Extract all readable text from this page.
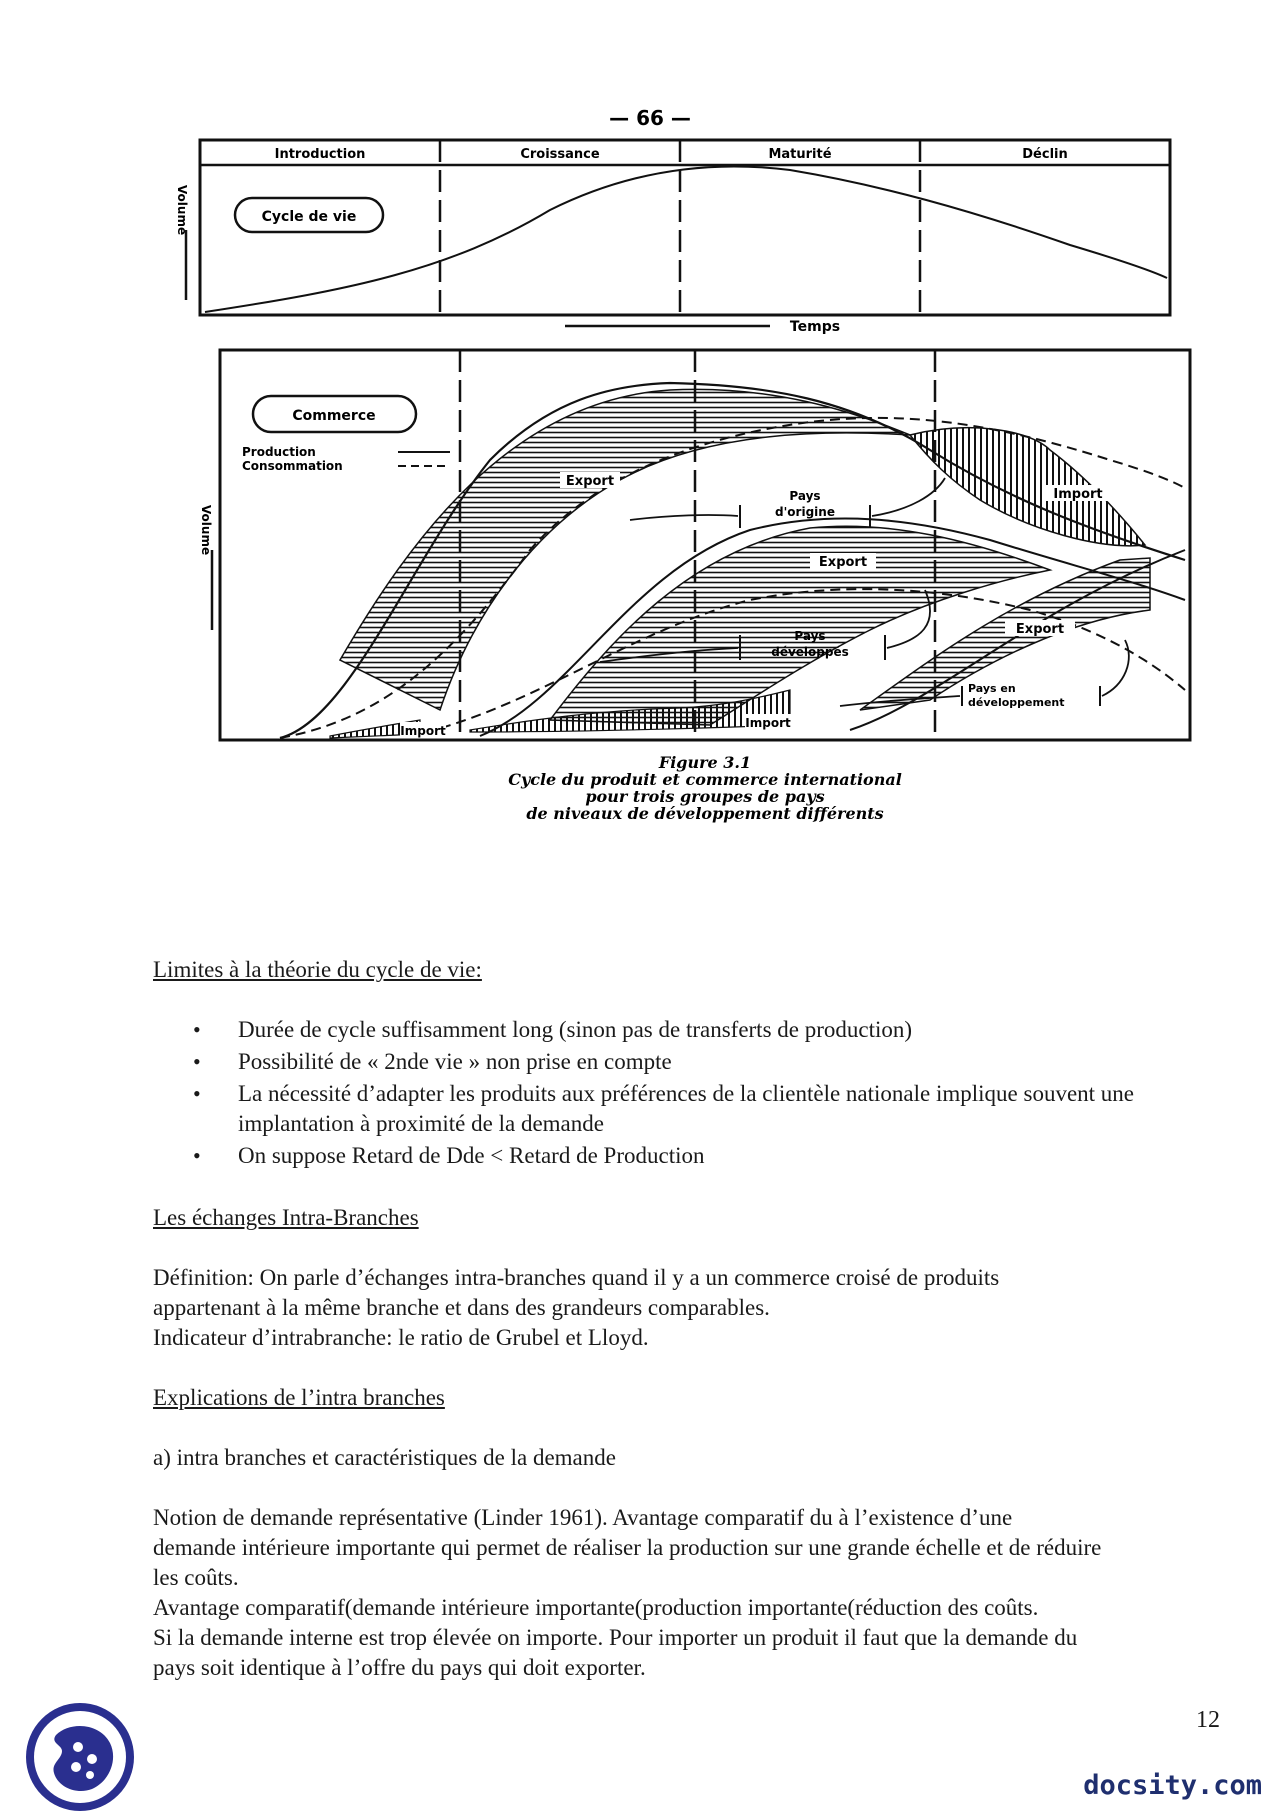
— 66 —
Introduction	Croissance	Maturité	Déclin
Cycle de vie
Volume
Temps
Commerce
Production
Consommation
Volume
Export
Import
Export
Export
Import
Import
Pays
d'origine
Pays
développés
Pays en
développement
Figure 3.1
Cycle du produit et commerce international
pour trois groupes de pays
de niveaux de développement différents
Limites à la théorie du cycle de vie:
• Durée de cycle suffisamment long (sinon pas de transferts de production)
• Possibilité de « 2nde vie » non prise en compte
• La nécessité d’adapter les produits aux préférences de la clientèle nationale implique souvent une implantation à proximité de la demande
• On suppose Retard de Dde < Retard de Production
Les échanges Intra-Branches
Définition: On parle d’échanges intra-branches quand il y a un commerce croisé de produits
appartenant à la même branche et dans des grandeurs comparables.
Indicateur d’intrabranche: le ratio de Grubel et Lloyd.
Explications de l’intra branches
a) intra branches et caractéristiques de la demande
Notion de demande représentative (Linder 1961). Avantage comparatif du à l’existence d’une
demande intérieure importante qui permet de réaliser la production sur une grande échelle et de réduire
les coûts.
Avantage comparatif(demande intérieure importante(production importante(réduction des coûts.
Si la demande interne est trop élevée on importe. Pour importer un produit il faut que la demande du
pays soit identique à l’offre du pays qui doit exporter.
12
docsity.com
